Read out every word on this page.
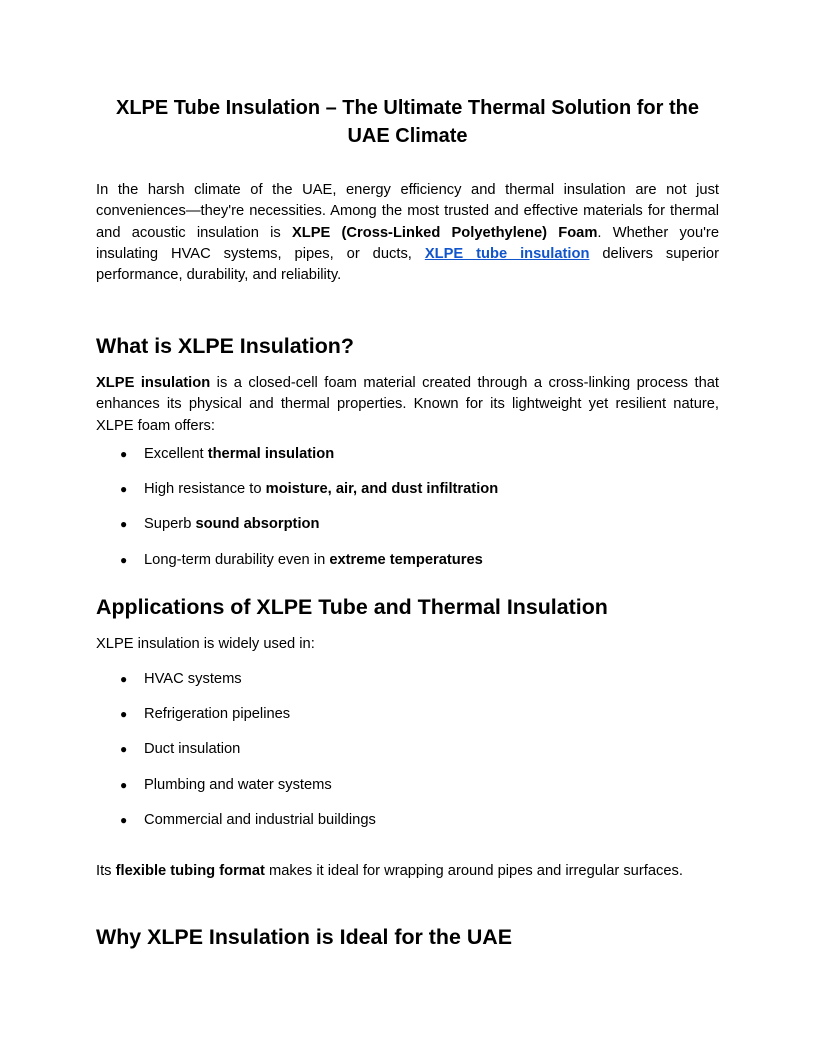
XLPE Tube Insulation – The Ultimate Thermal Solution for the UAE Climate

In the harsh climate of the UAE, energy efficiency and thermal insulation are not just conveniences—they're necessities. Among the most trusted and effective materials for thermal and acoustic insulation is XLPE (Cross-Linked Polyethylene) Foam. Whether you're insulating HVAC systems, pipes, or ducts, XLPE tube insulation delivers superior performance, durability, and reliability.

What is XLPE Insulation?

XLPE insulation is a closed-cell foam material created through a cross-linking process that enhances its physical and thermal properties. Known for its lightweight yet resilient nature, XLPE foam offers:

● Excellent thermal insulation
● High resistance to moisture, air, and dust infiltration
● Superb sound absorption
● Long-term durability even in extreme temperatures
Applications of XLPE Tube and Thermal Insulation

XLPE insulation is widely used in:

● HVAC systems
● Refrigeration pipelines
● Duct insulation
● Plumbing and water systems
● Commercial and industrial buildings

Its flexible tubing format makes it ideal for wrapping around pipes and irregular surfaces.

Why XLPE Insulation is Ideal for the UAE
